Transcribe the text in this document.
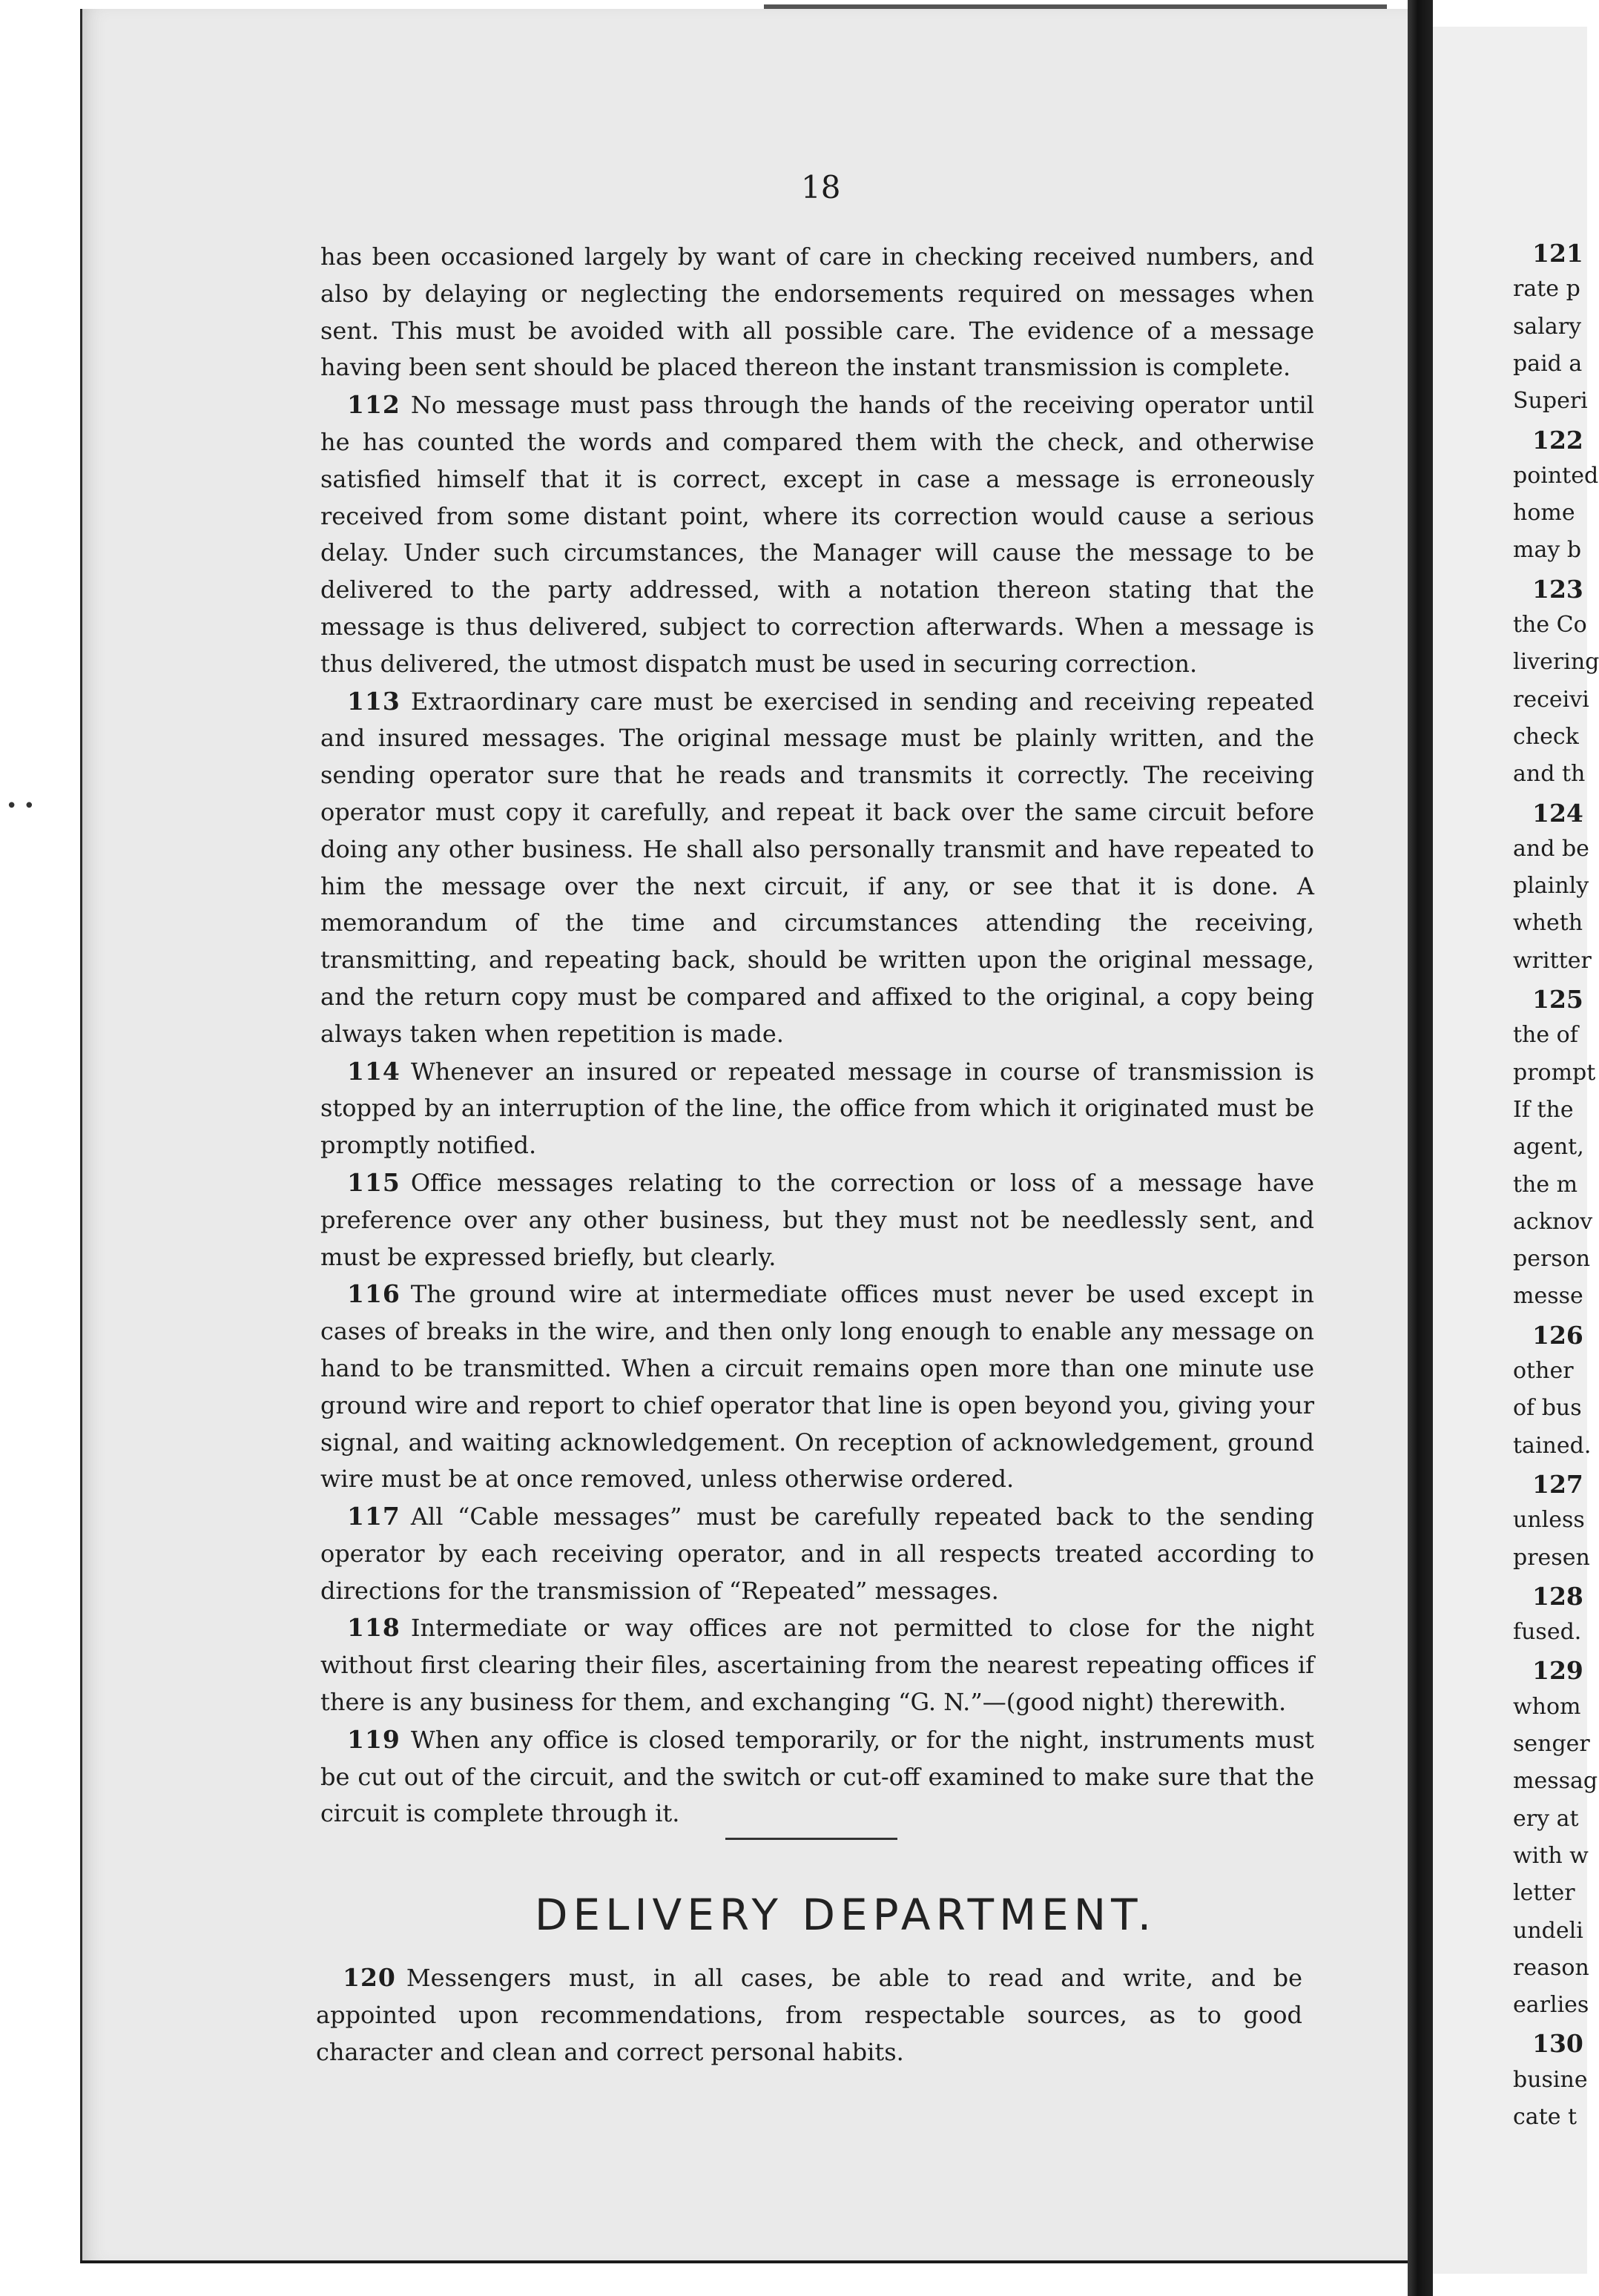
• •
18

has been occasioned largely by want of care in checking received numbers, and also by delaying or neglecting the endorsements required on messages when sent. This must be avoided with all possible care. The evidence of a message having been sent should be placed thereon the instant transmission is complete.

112 No message must pass through the hands of the receiving operator until he has counted the words and compared them with the check, and otherwise satisfied himself that it is correct, except in case a message is erroneously received from some distant point, where its correction would cause a serious delay. Under such circumstances, the Manager will cause the message to be delivered to the party addressed, with a notation thereon stating that the message is thus delivered, subject to correction afterwards. When a message is thus delivered, the utmost dispatch must be used in securing correction.

113 Extraordinary care must be exercised in sending and receiving repeated and insured messages. The original message must be plainly written, and the sending operator sure that he reads and transmits it correctly. The receiving operator must copy it carefully, and repeat it back over the same circuit before doing any other business. He shall also personally transmit and have repeated to him the message over the next circuit, if any, or see that it is done. A memorandum of the time and circumstances attending the receiving, transmitting, and repeating back, should be written upon the original message, and the return copy must be compared and affixed to the original, a copy being always taken when repetition is made.

114 Whenever an insured or repeated message in course of transmission is stopped by an interruption of the line, the office from which it originated must be promptly notified.

115 Office messages relating to the correction or loss of a message have preference over any other business, but they must not be needlessly sent, and must be expressed briefly, but clearly.

116 The ground wire at intermediate offices must never be used except in cases of breaks in the wire, and then only long enough to enable any message on hand to be transmitted. When a circuit remains open more than one minute use ground wire and report to chief operator that line is open beyond you, giving your signal, and waiting acknowledgement. On reception of acknowledgement, ground wire must be at once removed, unless otherwise ordered.

117 All “Cable messages” must be carefully repeated back to the sending operator by each receiving operator, and in all respects treated according to directions for the transmission of “Repeated” messages.

118 Intermediate or way offices are not permitted to close for the night without first clearing their files, ascertaining from the nearest repeating offices if there is any business for them, and exchanging “G. N.”—(good night) therewith.

119 When any office is closed temporarily, or for the night, instruments must be cut out of the circuit, and the switch or cut-off examined to make sure that the circuit is complete through it.

DELIVERY DEPARTMENT.

120 Messengers must, in all cases, be able to read and write, and be appointed upon recommendations, from respectable sources, as to good character and clean and correct personal habits.

121
rate p
salary
paid a
Superi
122
pointed
home
may b
123
the Co
livering
receivi
check
and th
124
and be
plainly
wheth
writter
125
the of
prompt
If the
agent,
the m
acknov
person
messe
126
other
of bus
tained.
127
unless
presen
128
fused.
129
whom
senger
messag
ery at
with w
letter
undeli
reason
earlies
130
busine
cate t
